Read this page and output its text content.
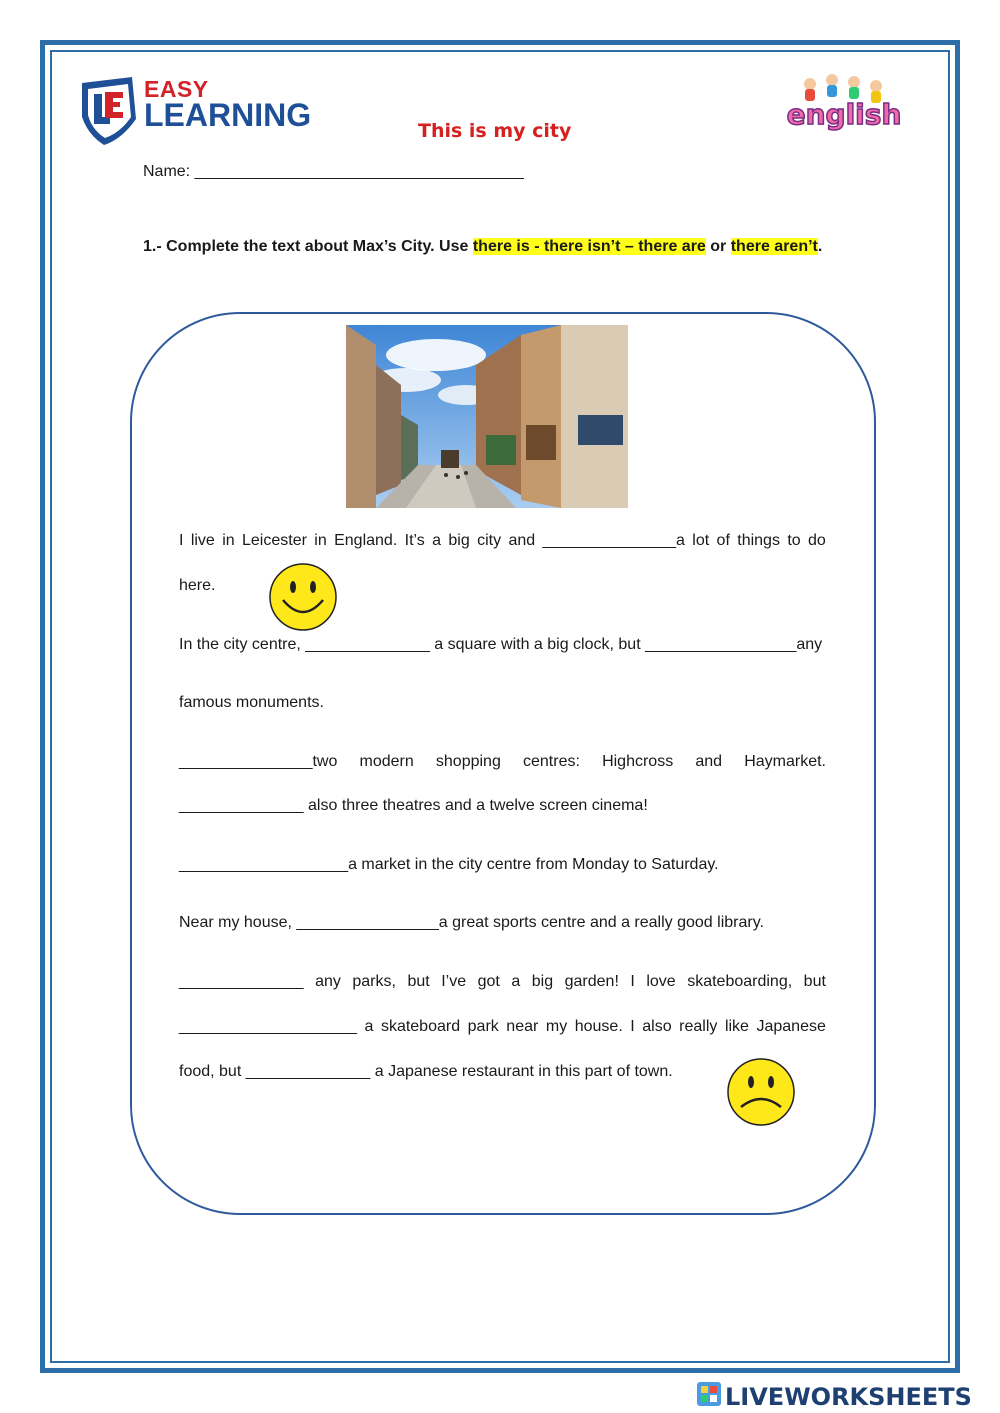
EASY
LEARNING	This is my city	english
Name: _____________________________________
1.- Complete the text about Max’s City. Use there is - there isn’t – there are or there aren’t.
I live in Leicester in England. It’s a big city and _______________a lot of things to do
here.
In the city centre, ______________ a square with a big clock, but _________________any
famous monuments.
_______________two modern shopping centres: Highcross and Haymarket.
______________ also three theatres and a twelve screen cinema!
___________________a market in the city centre from Monday to Saturday.
Near my house, ________________a great sports centre and a really good library.
______________ any parks, but I’ve got a big garden! I love skateboarding, but
____________________ a skateboard park near my house. I also really like Japanese
food, but ______________ a Japanese restaurant in this part of town.
LIVEWORKSHEETS
